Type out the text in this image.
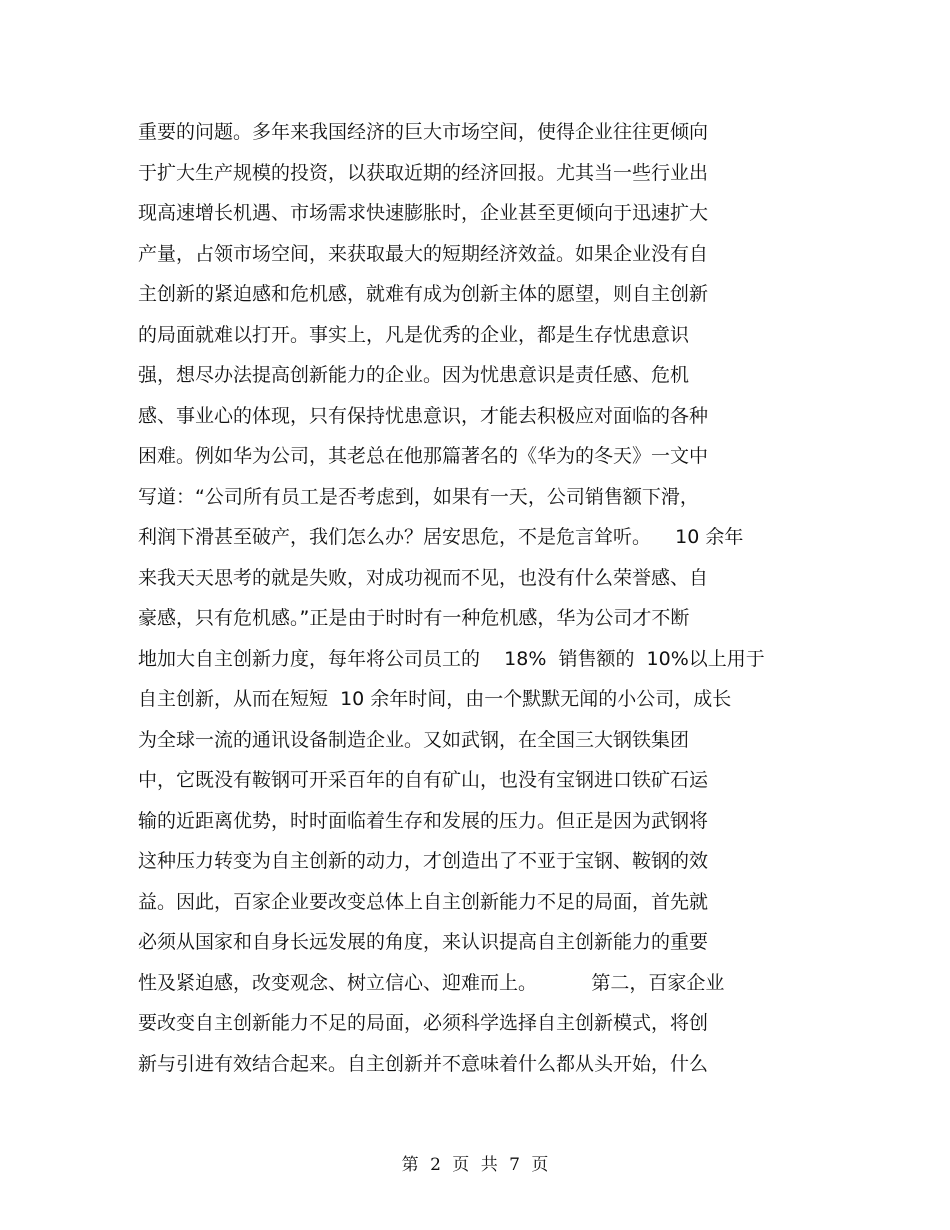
重要的问题。多年来我国经济的巨大市场空间，使得企业往往更倾向
于扩大生产规模的投资，以获取近期的经济回报。尤其当一些行业出
现高速增长机遇、市场需求快速膨胀时，企业甚至更倾向于迅速扩大
产量，占领市场空间，来获取最大的短期经济效益。如果企业没有自
主创新的紧迫感和危机感，就难有成为创新主体的愿望，则自主创新
的局面就难以打开。事实上，凡是优秀的企业，都是生存忧患意识
强，想尽办法提高创新能力的企业。因为忧患意识是责任感、危机
感、事业心的体现，只有保持忧患意识，才能去积极应对面临的各种
困难。例如华为公司，其老总在他那篇著名的《华为的冬天》一文中
写道：“公司所有员工是否考虑到，如果有一天，公司销售额下滑，
利润下滑甚至破产，我们怎么办？居安思危，不是危言耸听。    10 余年
来我天天思考的就是失败，对成功视而不见，也没有什么荣誉感、自
豪感，只有危机感。”正是由于时时有一种危机感，华为公司才不断
地加大自主创新力度，每年将公司员工的    18%  销售额的  10%以上用于
自主创新，从而在短短  10 余年时间，由一个默默无闻的小公司，成长
为全球一流的通讯设备制造企业。又如武钢，在全国三大钢铁集团
中，它既没有鞍钢可开采百年的自有矿山，也没有宝钢进口铁矿石运
输的近距离优势，时时面临着生存和发展的压力。但正是因为武钢将
这种压力转变为自主创新的动力，才创造出了不亚于宝钢、鞍钢的效
益。因此，百家企业要改变总体上自主创新能力不足的局面，首先就
必须从国家和自身长远发展的角度，来认识提高自主创新能力的重要
性及紧迫感，改变观念、树立信心、迎难而上。         第二，百家企业
要改变自主创新能力不足的局面，必须科学选择自主创新模式，将创
新与引进有效结合起来。自主创新并不意味着什么都从头开始，什么
第 2 页 共 7 页
